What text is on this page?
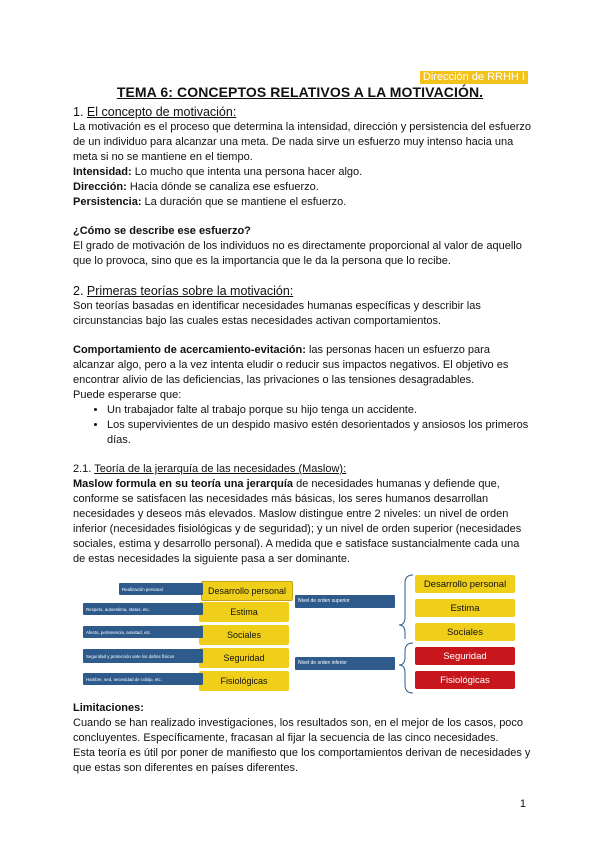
Dirección de RRHH I
TEMA 6: CONCEPTOS RELATIVOS A LA MOTIVACIÓN.

1. El concepto de motivación:

La motivación es el proceso que determina la intensidad, dirección y persistencia del esfuerzo de un individuo para alcanzar una meta. De nada sirve un esfuerzo muy intenso hacia una meta si no se mantiene en el tiempo.

Intensidad: Lo mucho que intenta una persona hacer algo.

Dirección: Hacia dónde se canaliza ese esfuerzo.

Persistencia: La duración que se mantiene el esfuerzo.

¿Cómo se describe ese esfuerzo?

El grado de motivación de los individuos no es directamente proporcional al valor de aquello que lo provoca, sino que es la importancia que le da la persona que lo recibe.

2. Primeras teorías sobre la motivación:

Son teorías basadas en identificar necesidades humanas específicas y describir las circunstancias bajo las cuales estas necesidades activan comportamientos.

Comportamiento de acercamiento-evitación: las personas hacen un esfuerzo para alcanzar algo, pero a la vez intenta eludir o reducir sus impactos negativos. El objetivo es encontrar alivio de las deficiencias, las privaciones o las tensiones desagradables.

Puede esperarse que:

• Un trabajador falte al trabajo porque su hijo tenga un accidente.
• Los supervivientes de un despido masivo estén desorientados y ansiosos los primeros días.

2.1. Teoría de la jerarquía de las necesidades (Maslow):

Maslow formula en su teoría una jerarquía de necesidades humanas y defiende que, conforme se satisfacen las necesidades más básicas, los seres humanos desarrollan necesidades y deseos más elevados. Maslow distingue entre 2 niveles: un nivel de orden inferior (necesidades fisiológicas y de seguridad); y un nivel de orden superior (necesidades sociales, estima y desarrollo personal). A medida que e satisface sustancialmente cada una de estas necesidades la siguiente pasa a ser dominante.

Desarrollo personal
Estima
Sociales
Seguridad
Fisiológicas
Realización personal
Respeto, autoestima, status, etc.
Afecto, pertenencia, amistad, etc.
Seguridad y protección ante los daños físicos
Hambre, sed, necesidad de cobijo, etc.
Desarrollo personal
Estima
Sociales
Seguridad
Fisiológicas
Nivel de orden superior
Nivel de orden inferior

Limitaciones:

Cuando se han realizado investigaciones, los resultados son, en el mejor de los casos, poco concluyentes. Específicamente, fracasan al fijar la secuencia de las cinco necesidades.

Esta teoría es útil por poner de manifiesto que los comportamientos derivan de necesidades y que estas son diferentes en países diferentes.

1
